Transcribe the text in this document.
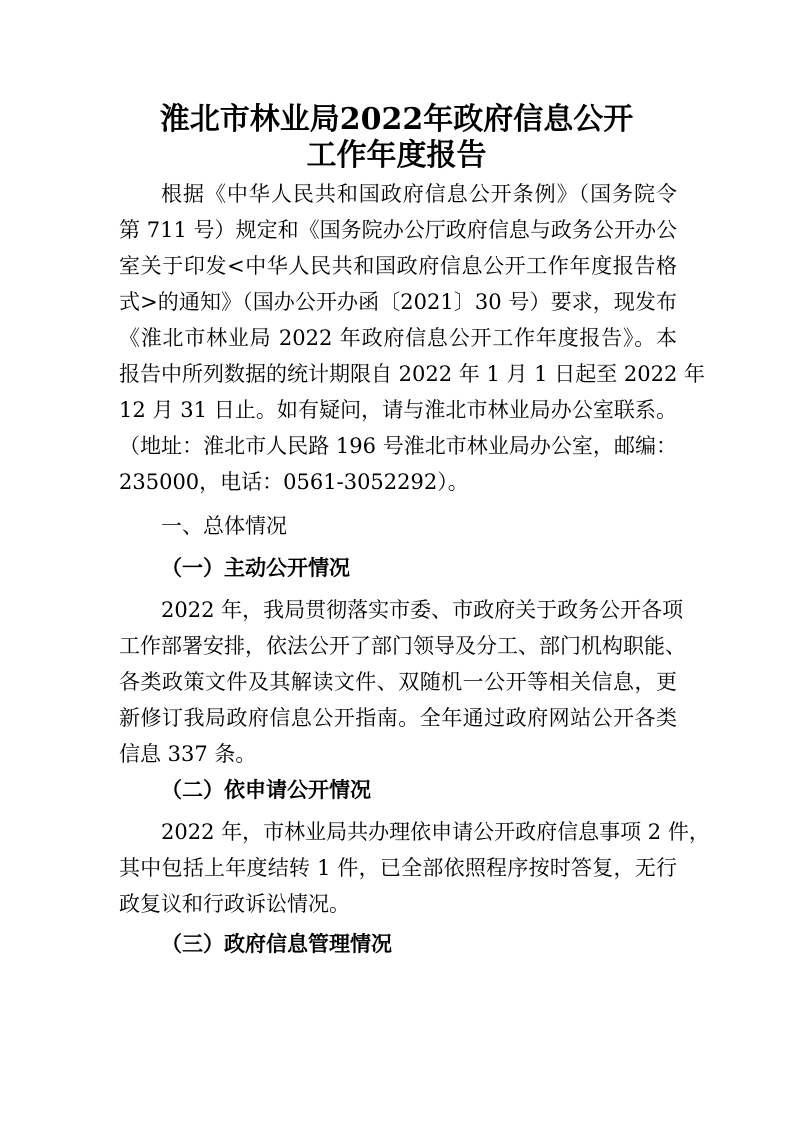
淮北市林业局2022年政府信息公开
工作年度报告
根据《中华人民共和国政府信息公开条例》（国务院令
第 711 号）规定和《国务院办公厅政府信息与政务公开办公
室关于印发<中华人民共和国政府信息公开工作年度报告格
式>的通知》（国办公开办函〔2021〕30 号）要求，现发布
《淮北市林业局 2022 年政府信息公开工作年度报告》。本
报告中所列数据的统计期限自 2022 年 1 月 1 日起至 2022 年
12 月 31 日止。如有疑问，请与淮北市林业局办公室联系。
（地址：淮北市人民路 196 号淮北市林业局办公室，邮编：
235000，电话：0561-3052292）。
一、总体情况
（一）主动公开情况
2022 年，我局贯彻落实市委、市政府关于政务公开各项
工作部署安排，依法公开了部门领导及分工、部门机构职能、
各类政策文件及其解读文件、双随机一公开等相关信息，更
新修订我局政府信息公开指南。全年通过政府网站公开各类
信息 337 条。
（二）依申请公开情况
2022 年，市林业局共办理依申请公开政府信息事项 2 件，
其中包括上年度结转 1 件，已全部依照程序按时答复，无行
政复议和行政诉讼情况。
（三）政府信息管理情况
